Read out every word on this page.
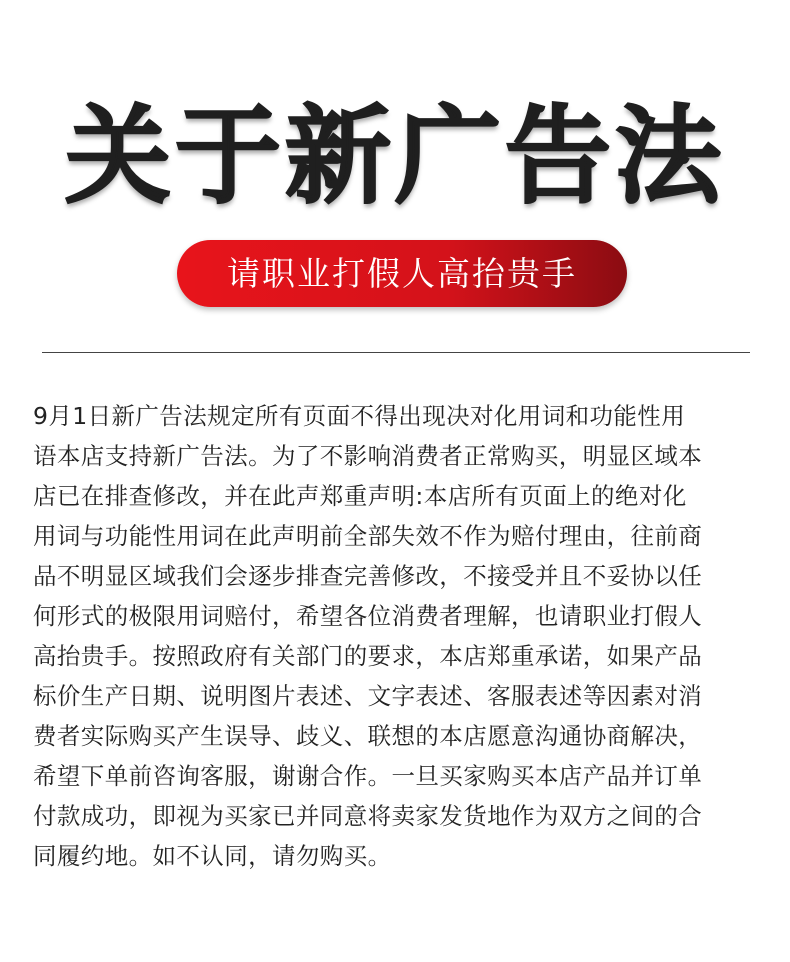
关于新广告法
请职业打假人高抬贵手

9月1日新广告法规定所有页面不得出现决对化用词和功能性用
语本店支持新广告法。为了不影响消费者正常购买，明显区域本
店已在排查修改，并在此声郑重声明:本店所有页面上的绝对化
用词与功能性用词在此声明前全部失效不作为赔付理由，往前商
品不明显区域我们会逐步排查完善修改，不接受并且不妥协以任
何形式的极限用词赔付，希望各位消费者理解，也请职业打假人
高抬贵手。按照政府有关部门的要求，本店郑重承诺，如果产品
标价生产日期、说明图片表述、文字表述、客服表述等因素对消
费者实际购买产生误导、歧义、联想的本店愿意沟通协商解决，
希望下单前咨询客服，谢谢合作。一旦买家购买本店产品并订单
付款成功，即视为买家已并同意将卖家发货地作为双方之间的合
同履约地。如不认同，请勿购买。
